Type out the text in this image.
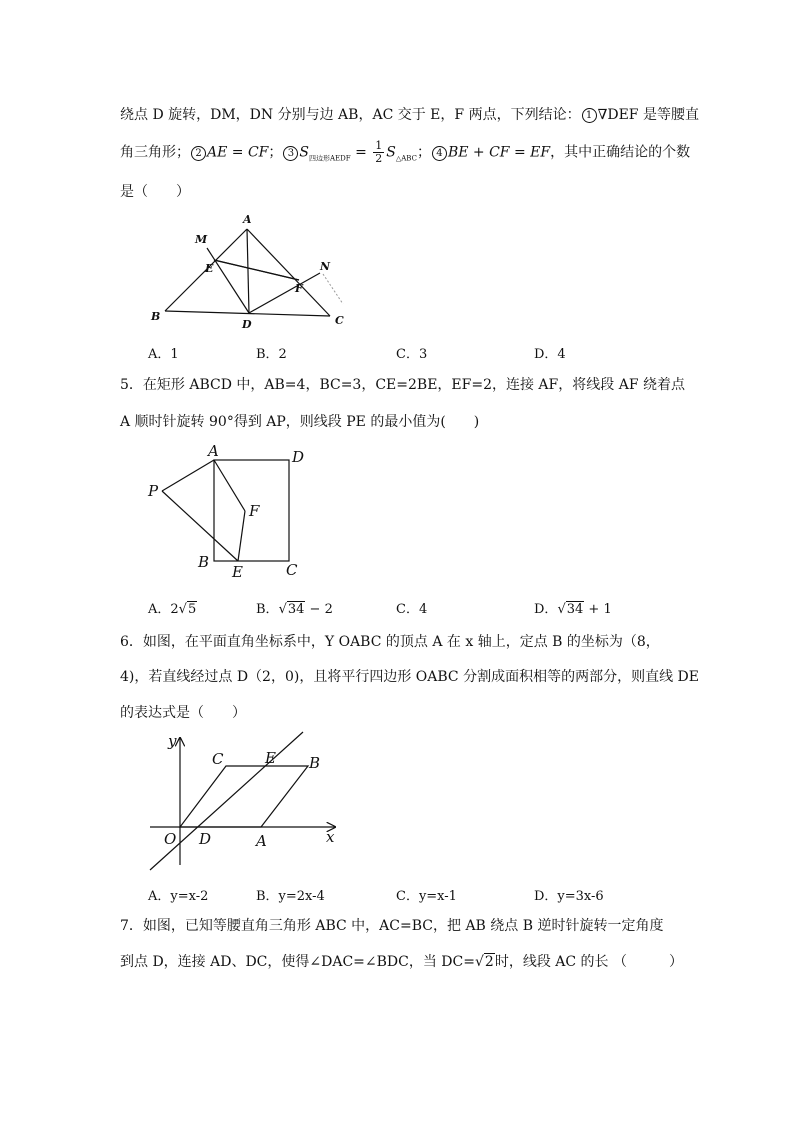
绕点 D 旋转，DM，DN 分别与边 AB，AC 交于 E，F 两点，下列结论： 1 ∇DEF 是等腰直
角三角形； 2 AE = CF； 3 $S_{四边形AEDF} = \frac{1}{2} S_{\triangle ABC}$； 4 BE + CF = EF，其中正确结论的个数
是（　　）
A
M
E	N
F
B
D	C
A．1	B．2	C．3	D．4
5．在矩形 ABCD 中，AB=4，BC=3，CE=2BE，EF=2，连接 AF，将线段 AF 绕着点
A 顺时针旋转 90°得到 AP，则线段 PE 的最小值为(　　)
A	D
P
F
B
E	C
A．2√5	B．√34 − 2	C．4	D．√34 + 1
6．如图，在平面直角坐标系中，Y OABC 的顶点 A 在 x 轴上，定点 B 的坐标为（8，
4)，若直线经过点 D（2，0)，且将平行四边形 OABC 分割成面积相等的两部分，则直线 DE
的表达式是（　　）
y
C	E B
O D	A	x
A．y=x-2	B．y=2x-4	C．y=x-1	D．y=3x-6
7．如图，已知等腰直角三角形 ABC 中，AC=BC，把 AB 绕点 B 逆时针旋转一定角度
到点 D，连接 AD、DC，使得∠DAC=∠BDC，当 DC=√2时，线段 AC 的长 （　　　）
